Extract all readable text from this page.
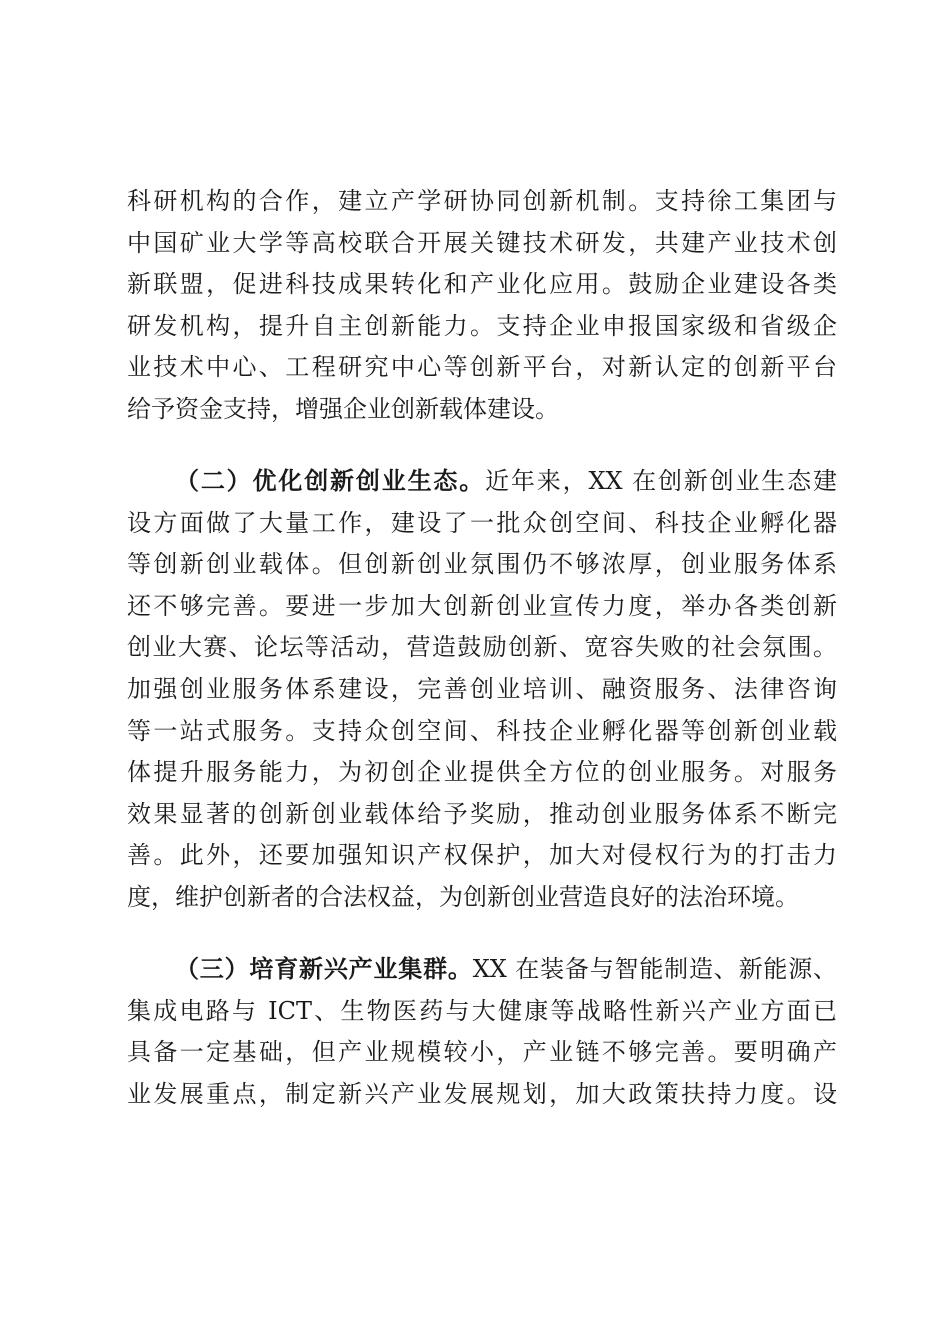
科研机构的合作，建立产学研协同创新机制。支持徐工集团与
中国矿业大学等高校联合开展关键技术研发，共建产业技术创
新联盟，促进科技成果转化和产业化应用。鼓励企业建设各类
研发机构，提升自主创新能力。支持企业申报国家级和省级企
业技术中心、工程研究中心等创新平台，对新认定的创新平台
给予资金支持，增强企业创新载体建设。
（二）优化创新创业生态。近年来，XX 在创新创业生态建
设方面做了大量工作，建设了一批众创空间、科技企业孵化器
等创新创业载体。但创新创业氛围仍不够浓厚，创业服务体系
还不够完善。要进一步加大创新创业宣传力度，举办各类创新
创业大赛、论坛等活动，营造鼓励创新、宽容失败的社会氛围。
加强创业服务体系建设，完善创业培训、融资服务、法律咨询
等一站式服务。支持众创空间、科技企业孵化器等创新创业载
体提升服务能力，为初创企业提供全方位的创业服务。对服务
效果显著的创新创业载体给予奖励，推动创业服务体系不断完
善。此外，还要加强知识产权保护，加大对侵权行为的打击力
度，维护创新者的合法权益，为创新创业营造良好的法治环境。
（三）培育新兴产业集群。XX 在装备与智能制造、新能源、
集成电路与 ICT、生物医药与大健康等战略性新兴产业方面已
具备一定基础，但产业规模较小，产业链不够完善。要明确产
业发展重点，制定新兴产业发展规划，加大政策扶持力度。设
